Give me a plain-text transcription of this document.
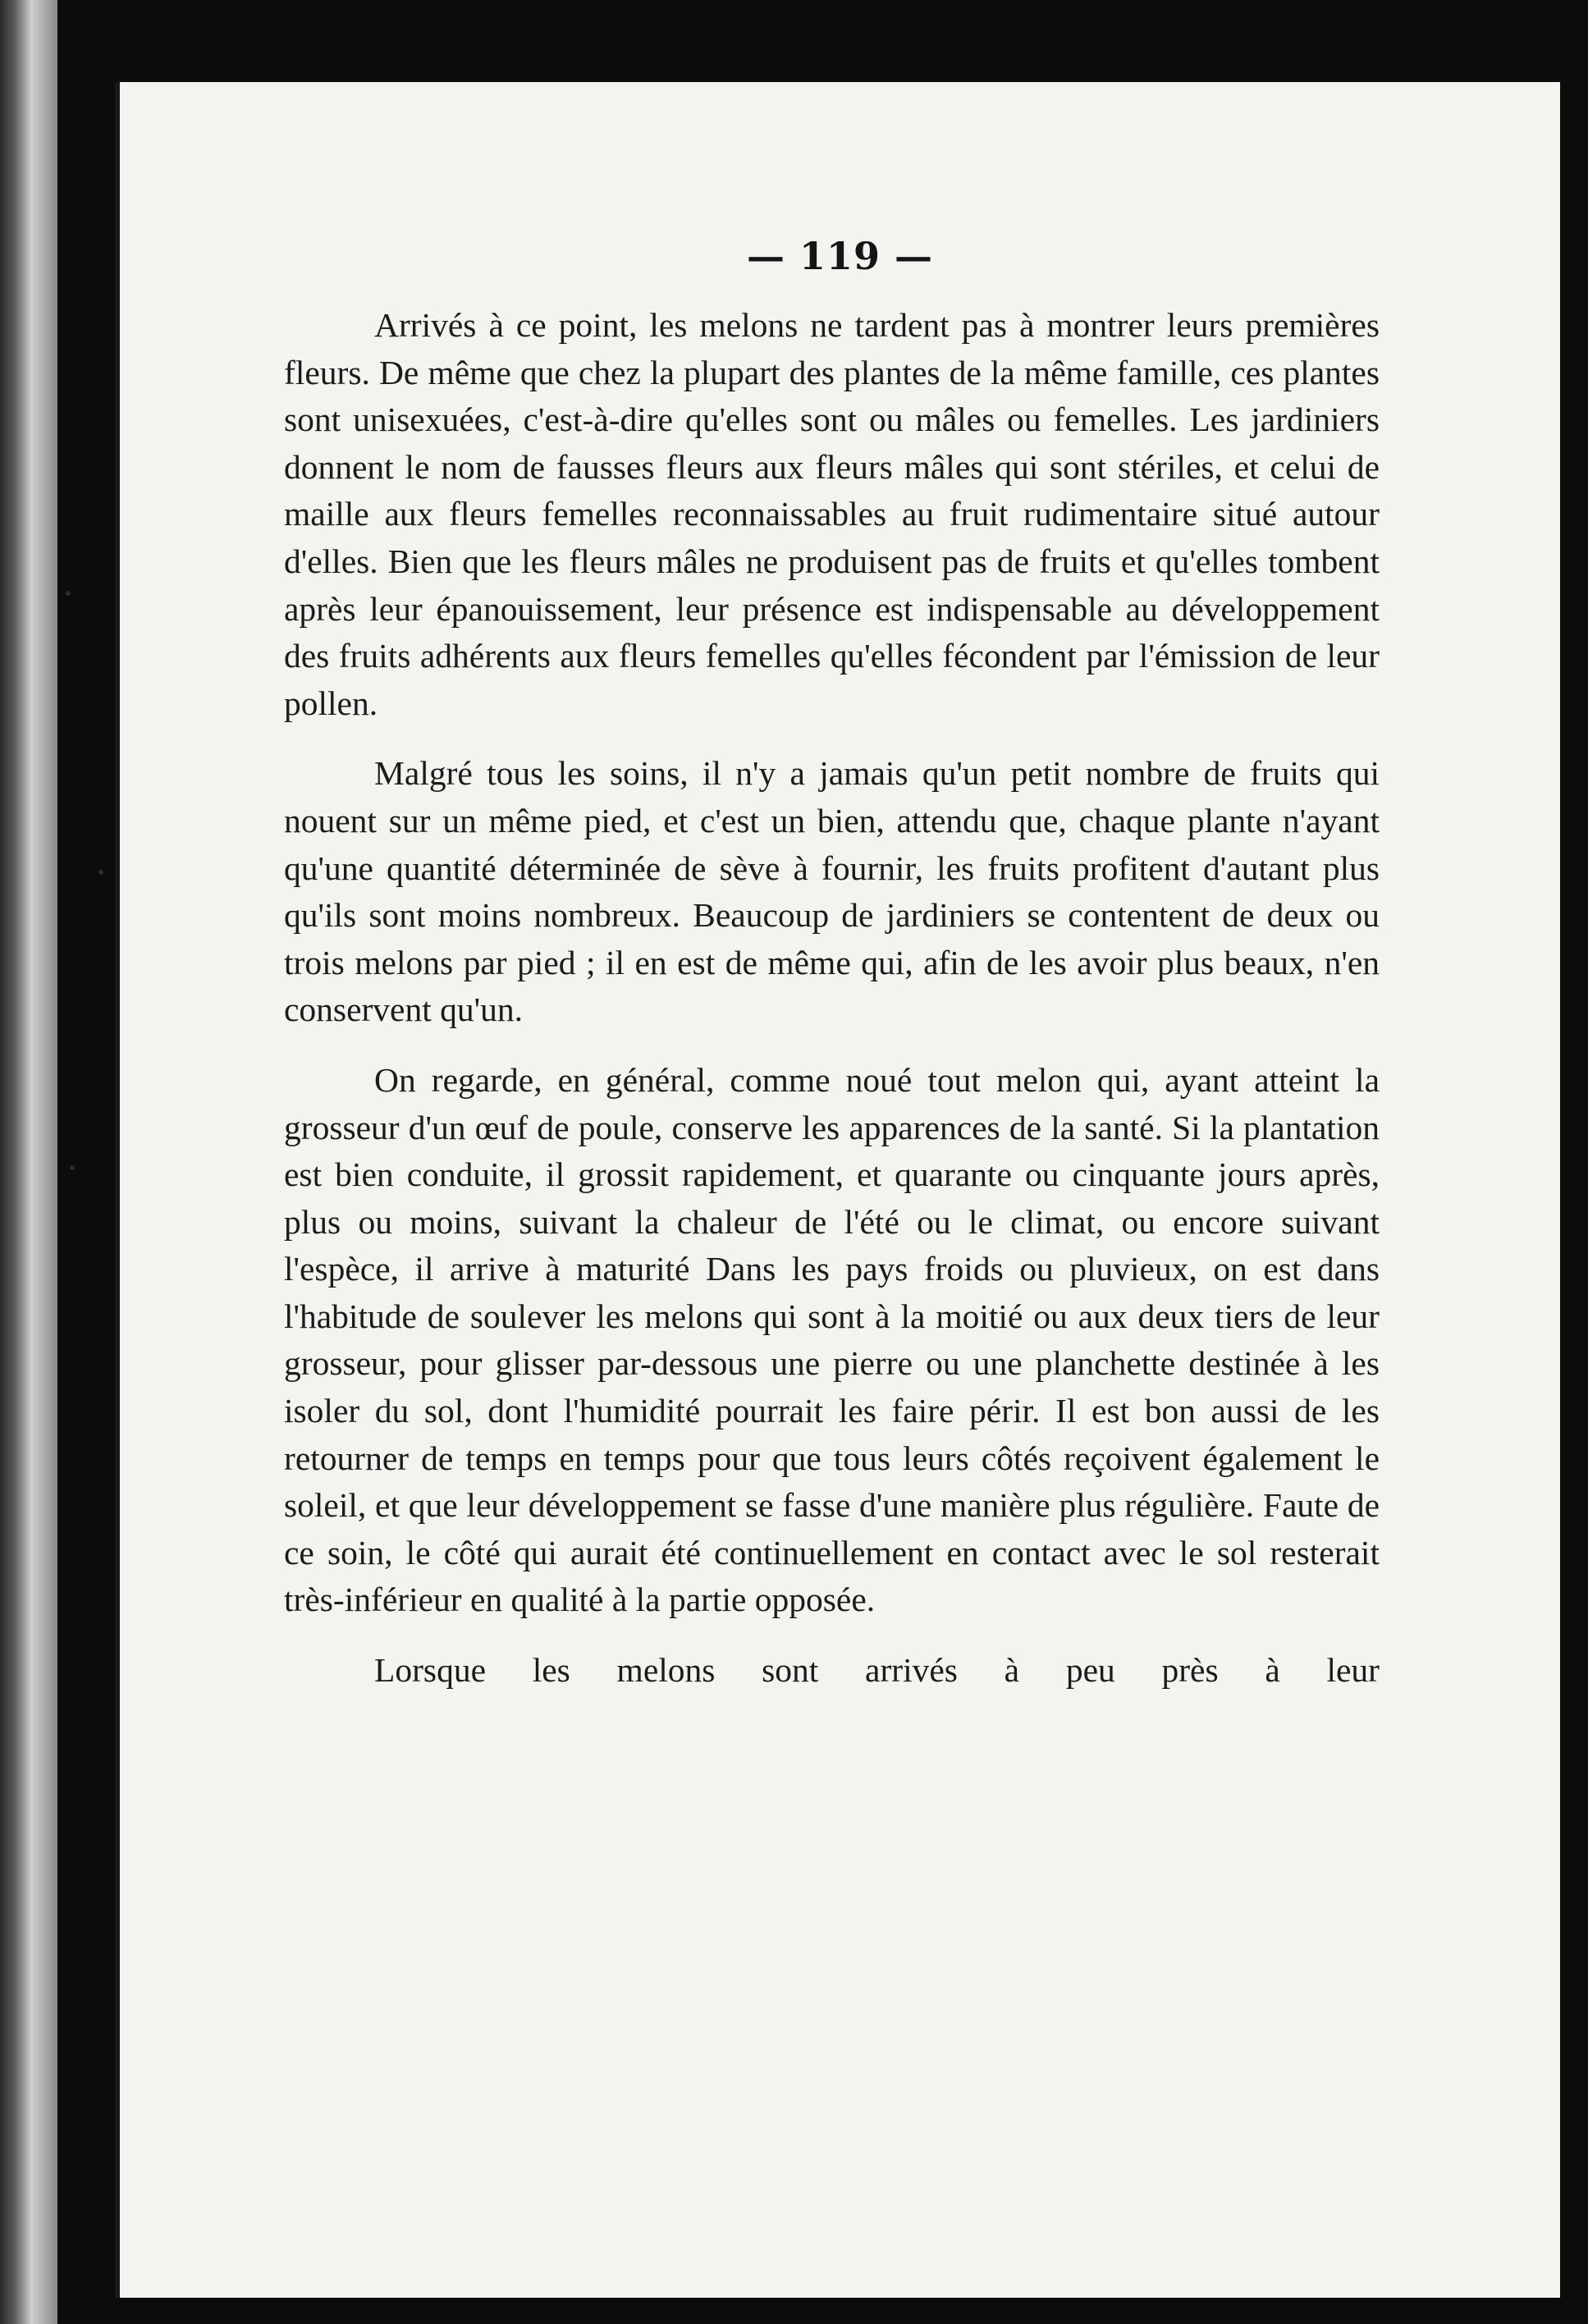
— 119 —

Arrivés à ce point, les melons ne tardent pas à montrer leurs premières fleurs. De même que chez la plupart des plantes de la même famille, ces plantes sont unisexuées, c'est-à-dire qu'elles sont ou mâles ou femelles. Les jardiniers donnent le nom de fausses fleurs aux fleurs mâles qui sont stériles, et celui de maille aux fleurs femelles reconnaissables au fruit rudimentaire situé autour d'elles. Bien que les fleurs mâles ne produisent pas de fruits et qu'elles tombent après leur épanouissement, leur présence est indispensable au développement des fruits adhérents aux fleurs femelles qu'elles fécondent par l'émission de leur pollen.

Malgré tous les soins, il n'y a jamais qu'un petit nombre de fruits qui nouent sur un même pied, et c'est un bien, attendu que, chaque plante n'ayant qu'une quantité déterminée de sève à fournir, les fruits profitent d'autant plus qu'ils sont moins nombreux. Beaucoup de jardiniers se contentent de deux ou trois melons par pied ; il en est de même qui, afin de les avoir plus beaux, n'en conservent qu'un.

On regarde, en général, comme noué tout melon qui, ayant atteint la grosseur d'un œuf de poule, conserve les apparences de la santé. Si la plantation est bien conduite, il grossit rapidement, et quarante ou cinquante jours après, plus ou moins, suivant la chaleur de l'été ou le climat, ou encore suivant l'espèce, il arrive à maturité Dans les pays froids ou pluvieux, on est dans l'habitude de soulever les melons qui sont à la moitié ou aux deux tiers de leur grosseur, pour glisser par-dessous une pierre ou une planchette destinée à les isoler du sol, dont l'humidité pourrait les faire périr. Il est bon aussi de les retourner de temps en temps pour que tous leurs côtés reçoivent également le soleil, et que leur développement se fasse d'une manière plus régulière. Faute de ce soin, le côté qui aurait été continuellement en contact avec le sol resterait très-inférieur en qualité à la partie opposée.

Lorsque les melons sont arrivés à peu près à leur
